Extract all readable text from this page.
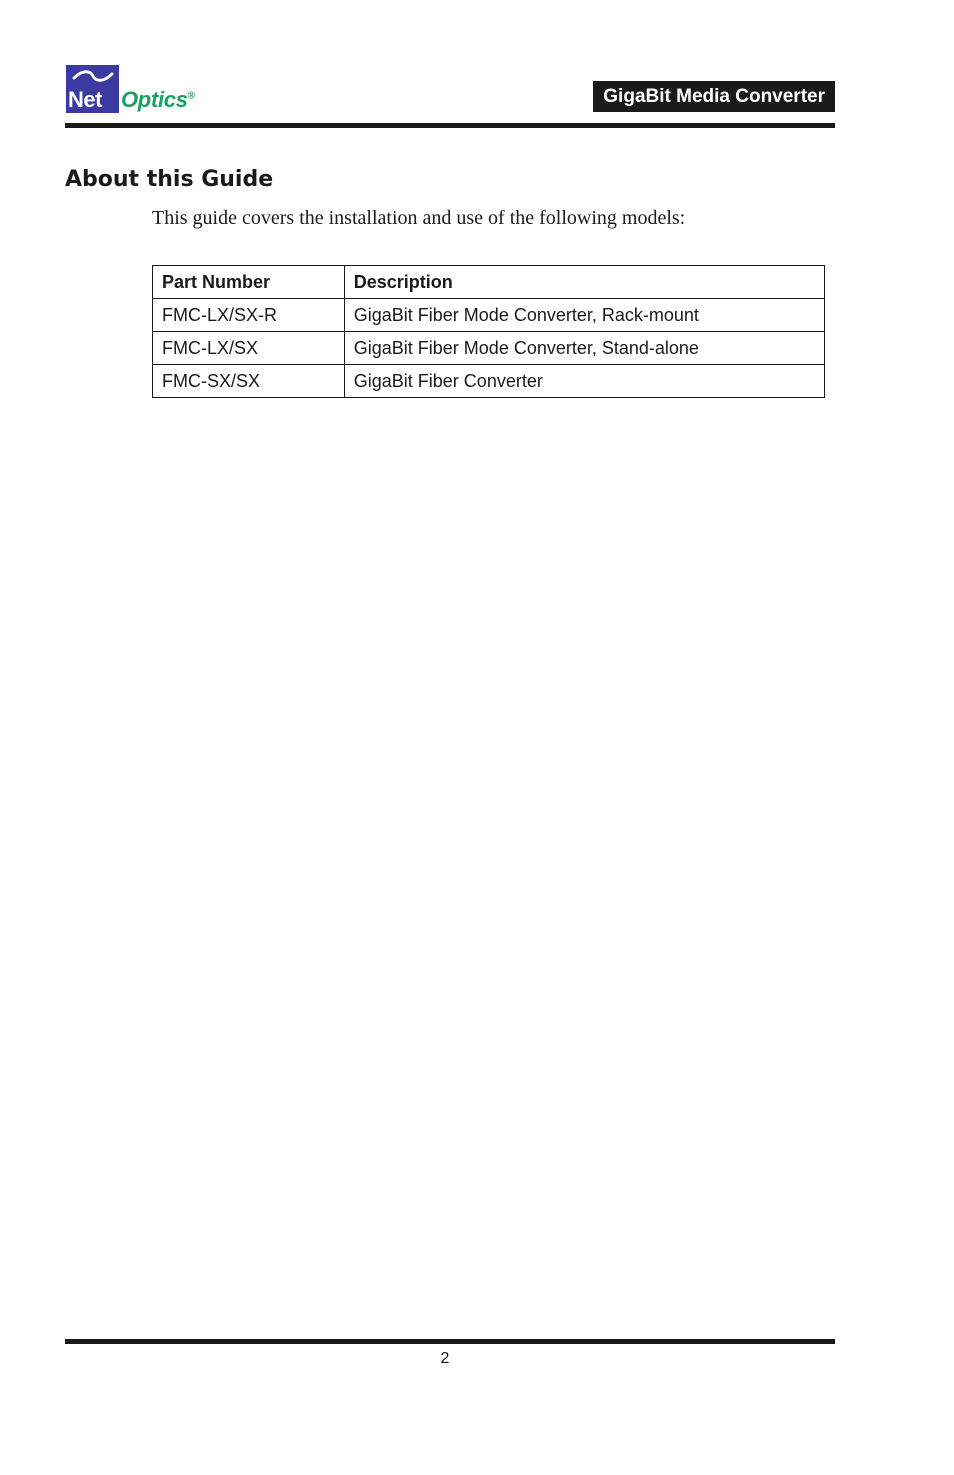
Net Optics®	GigaBit Media Converter
About this Guide

This guide covers the installation and use of the following models:

Part Number	Description
FMC-LX/SX-R	GigaBit Fiber Mode Converter, Rack-mount
FMC-LX/SX	GigaBit Fiber Mode Converter, Stand-alone
FMC-SX/SX	GigaBit Fiber Converter
2
